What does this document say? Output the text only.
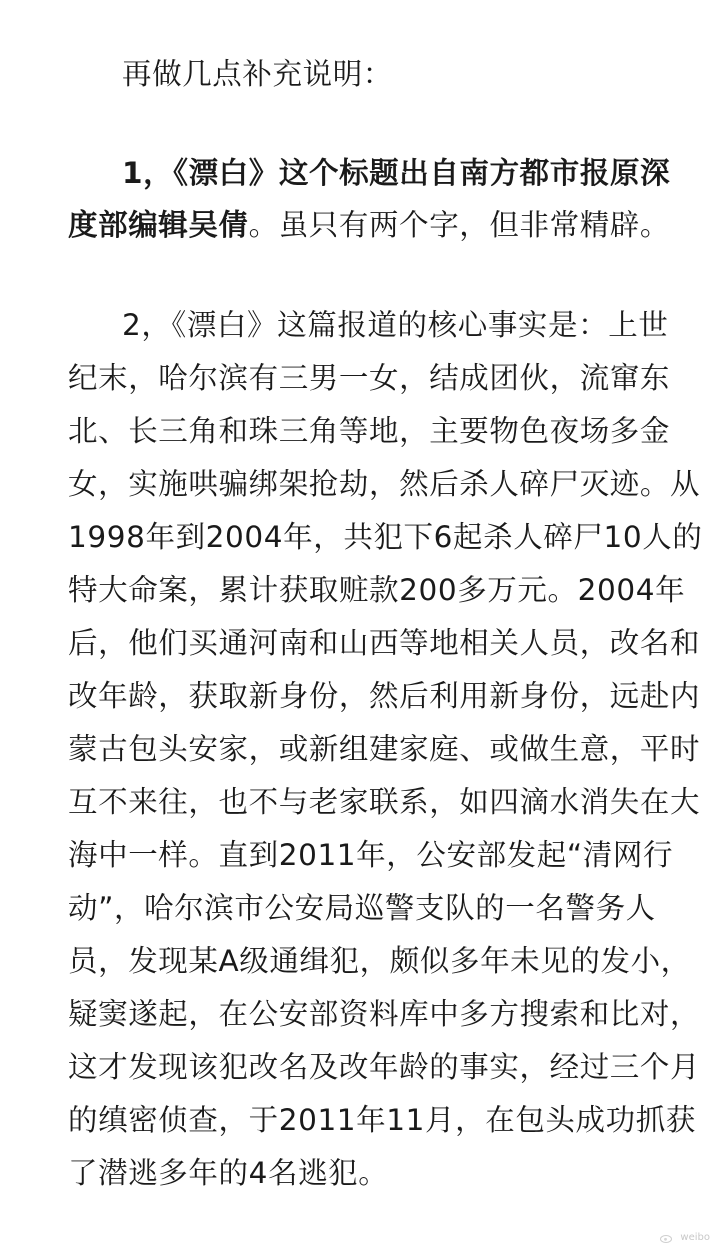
再做几点补充说明：
1，《漂白》这个标题出自南方都市报原深
度部编辑吴倩。虽只有两个字，但非常精辟。
2，《漂白》这篇报道的核心事实是：上世
纪末，哈尔滨有三男一女，结成团伙，流窜东
北、长三角和珠三角等地，主要物色夜场多金
女，实施哄骗绑架抢劫，然后杀人碎尸灭迹。从
1998年到2004年，共犯下6起杀人碎尸10人的
特大命案，累计获取赃款200多万元。2004年
后，他们买通河南和山西等地相关人员，改名和
改年龄，获取新身份，然后利用新身份，远赴内
蒙古包头安家，或新组建家庭、或做生意，平时
互不来往，也不与老家联系，如四滴水消失在大
海中一样。直到2011年，公安部发起“清网行
动”，哈尔滨市公安局巡警支队的一名警务人
员，发现某A级通缉犯，颇似多年未见的发小，
疑窦遂起，在公安部资料库中多方搜索和比对，
这才发现该犯改名及改年龄的事实，经过三个月
的缜密侦查，于2011年11月，在包头成功抓获
了潜逃多年的4名逃犯。
weibo
